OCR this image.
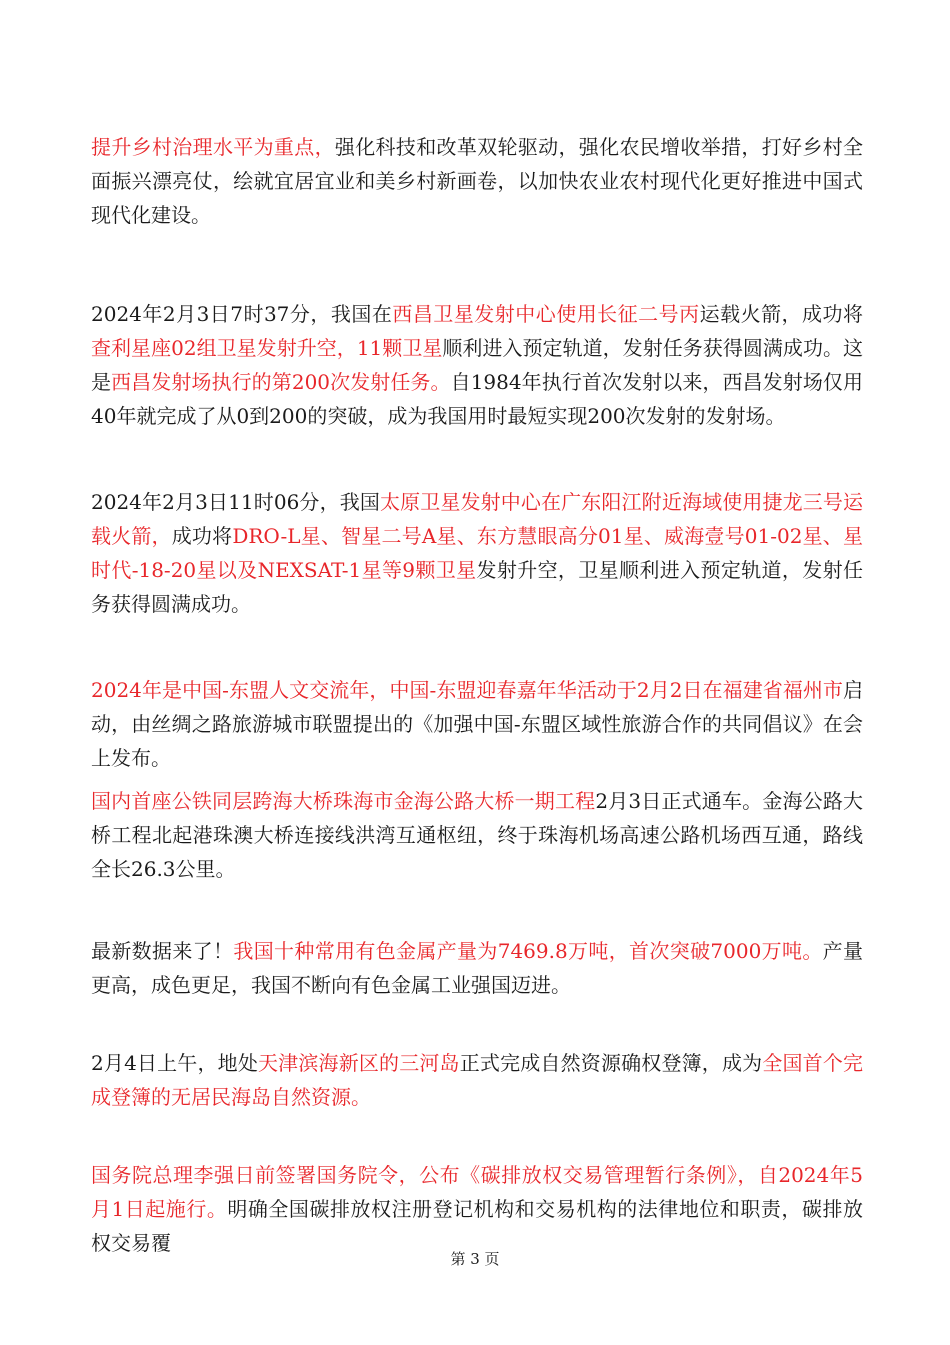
提升乡村治理水平为重点，强化科技和改革双轮驱动，强化农民增收举措，打好乡村全面振兴漂亮仗，绘就宜居宜业和美乡村新画卷，以加快农业农村现代化更好推进中国式现代化建设。

2024年2月3日7时37分，我国在西昌卫星发射中心使用长征二号丙运载火箭，成功将查利星座02组卫星发射升空，11颗卫星顺利进入预定轨道，发射任务获得圆满成功。这是西昌发射场执行的第200次发射任务。自1984年执行首次发射以来，西昌发射场仅用40年就完成了从0到200的突破，成为我国用时最短实现200次发射的发射场。

2024年2月3日11时06分，我国太原卫星发射中心在广东阳江附近海域使用捷龙三号运载火箭，成功将DRO-L星、智星二号A星、东方慧眼高分01星、威海壹号01-02星、星时代-18-20星以及NEXSAT-1星等9颗卫星发射升空，卫星顺利进入预定轨道，发射任务获得圆满成功。

2024年是中国-东盟人文交流年，中国-东盟迎春嘉年华活动于2月2日在福建省福州市启动，由丝绸之路旅游城市联盟提出的《加强中国-东盟区域性旅游合作的共同倡议》在会上发布。

国内首座公铁同层跨海大桥珠海市金海公路大桥一期工程2月3日正式通车。金海公路大桥工程北起港珠澳大桥连接线洪湾互通枢纽，终于珠海机场高速公路机场西互通，路线全长26.3公里。

最新数据来了！我国十种常用有色金属产量为7469.8万吨，首次突破7000万吨。产量更高，成色更足，我国不断向有色金属工业强国迈进。

2月4日上午，地处天津滨海新区的三河岛正式完成自然资源确权登簿，成为全国首个完成登簿的无居民海岛自然资源。

国务院总理李强日前签署国务院令，公布《碳排放权交易管理暂行条例》，自2024年5月1日起施行。明确全国碳排放权注册登记机构和交易机构的法律地位和职责，碳排放权交易覆

第 3 页
